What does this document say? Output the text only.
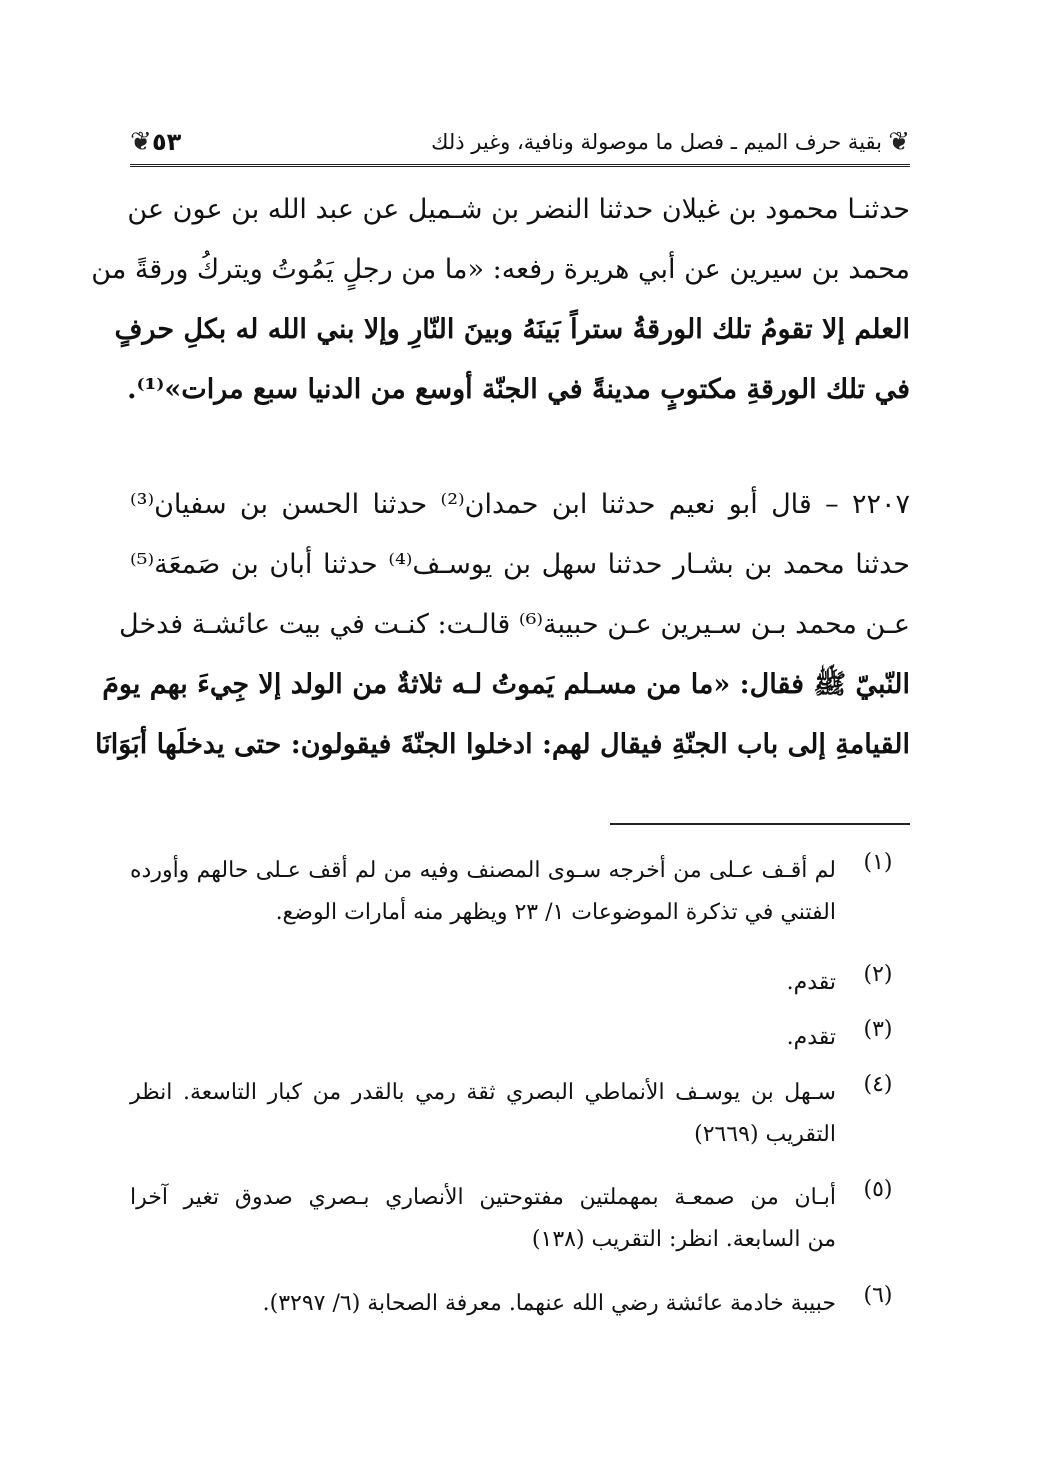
❦
بقية حرف الميم ـ فصل ما موصولة ونافية، وغير ذلك
٥٣
❦
حدثنـا محمود بن غيلان حدثنا النضر بن شـميل عن عبد الله بن عون عن
محمد بن سيرين عن أبي هريرة رفعه: «ما من رجلٍ يَمُوتُ ويتركُ ورقةً من
العلم إلا تقومُ تلك الورقةُ ستراً بَينَهُ وبينَ النّارِ وإلا بني الله له بكلِ حرفٍ
في تلك الورقةِ مكتوبٍ مدينةً في الجنّة أوسع من الدنيا سبع مرات»⁽¹⁾.
٢٢٠٧ – قال أبو نعيم حدثنا ابن حمدان⁽²⁾ حدثنا الحسن بن سفيان⁽³⁾
حدثنا محمد بن بشـار حدثنا سهل بن يوسـف⁽⁴⁾ حدثنا أبان بن صَمعَة⁽⁵⁾
عـن محمد بـن سـيرين عـن حبيبة⁽⁶⁾ قالـت: كنـت في بيت عائشـة فدخل
النّبيّ ﷺ فقال: «ما من مسـلم يَموتُ لـه ثلاثةٌ من الولد إلا جِيءَ بهم يومَ
القيامةِ إلى باب الجنّةِ فيقال لهم: ادخلوا الجنّةَ فيقولون: حتى يدخلَها أبَوَانَا
(١)
لم أقـف عـلى من أخرجه سـوى المصنف وفيه من لم أقف عـلى حالهم وأورده
الفتني في تذكرة الموضوعات ١/ ٢٣ ويظهر منه أمارات الوضع.
(٢)
تقدم.
(٣)
تقدم.
(٤)
سـهل بن يوسـف الأنماطي البصري ثقة رمي بالقدر من كبار التاسعة. انظر
التقريب (٢٦٦٩)
(٥)
أبـان من صمعـة بمهملتين مفتوحتين الأنصاري بـصري صدوق تغير آخرا
من السابعة. انظر: التقريب (١٣٨)
(٦)
حبيبة خادمة عائشة رضي الله عنهما. معرفة الصحابة (٦/ ٣٢٩٧).
